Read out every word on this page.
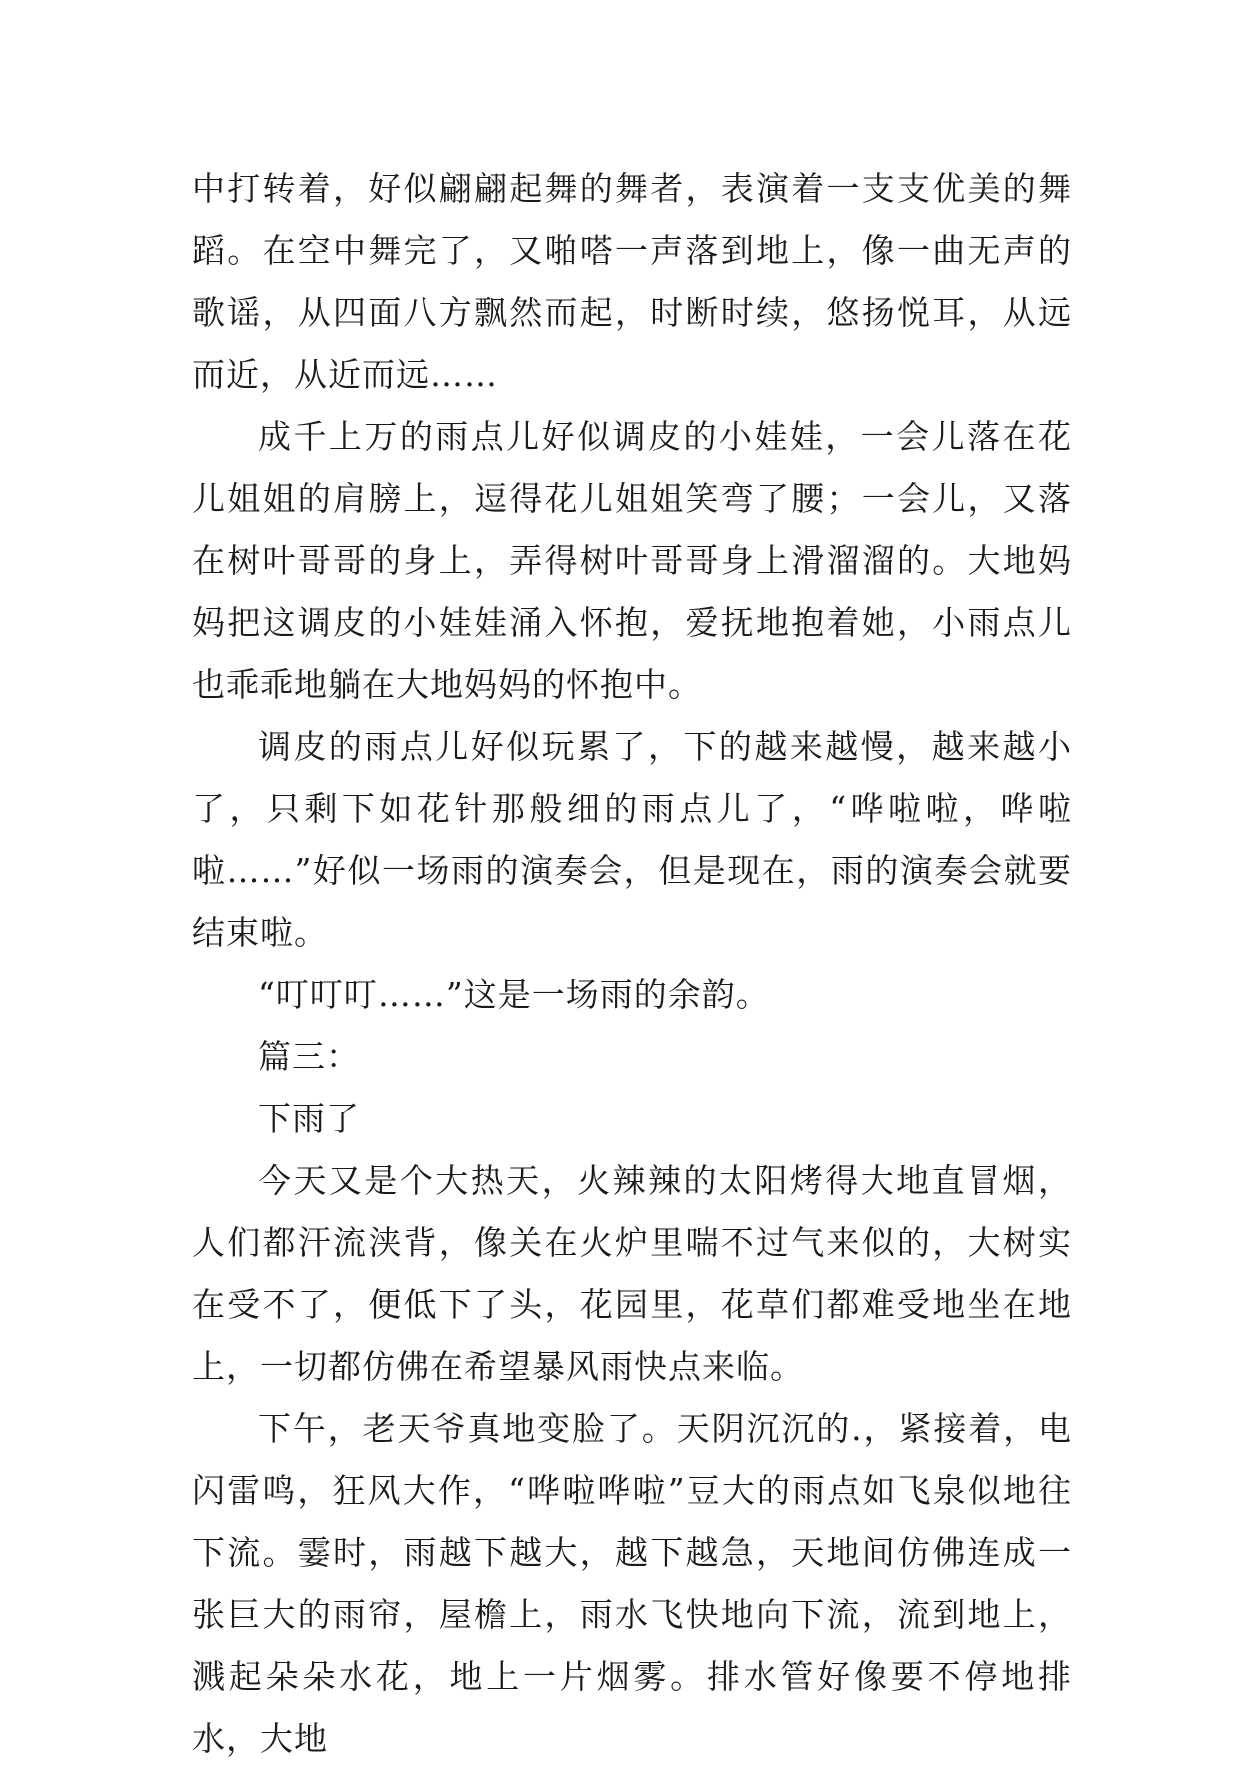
中打转着，好似翩翩起舞的舞者，表演着一支支优美的舞蹈。在空中舞完了，又啪嗒一声落到地上，像一曲无声的歌谣，从四面八方飘然而起，时断时续，悠扬悦耳，从远而近，从近而远……

成千上万的雨点儿好似调皮的小娃娃，一会儿落在花儿姐姐的肩膀上，逗得花儿姐姐笑弯了腰；一会儿，又落在树叶哥哥的身上，弄得树叶哥哥身上滑溜溜的。大地妈妈把这调皮的小娃娃涌入怀抱，爱抚地抱着她，小雨点儿也乖乖地躺在大地妈妈的怀抱中。

调皮的雨点儿好似玩累了，下的越来越慢，越来越小了，只剩下如花针那般细的雨点儿了，“哗啦啦，哗啦啦……”好似一场雨的演奏会，但是现在，雨的演奏会就要结束啦。

“叮叮叮……”这是一场雨的余韵。

篇三：

下雨了

今天又是个大热天，火辣辣的太阳烤得大地直冒烟，人们都汗流浃背，像关在火炉里喘不过气来似的，大树实在受不了，便低下了头，花园里，花草们都难受地坐在地上，一切都仿佛在希望暴风雨快点来临。

下午，老天爷真地变脸了。天阴沉沉的.，紧接着，电闪雷鸣，狂风大作，“哗啦哗啦”豆大的雨点如飞泉似地往下流。霎时，雨越下越大，越下越急，天地间仿佛连成一张巨大的雨帘，屋檐上，雨水飞快地向下流，流到地上，溅起朵朵水花，地上一片烟雾。排水管好像要不停地排水，大地
